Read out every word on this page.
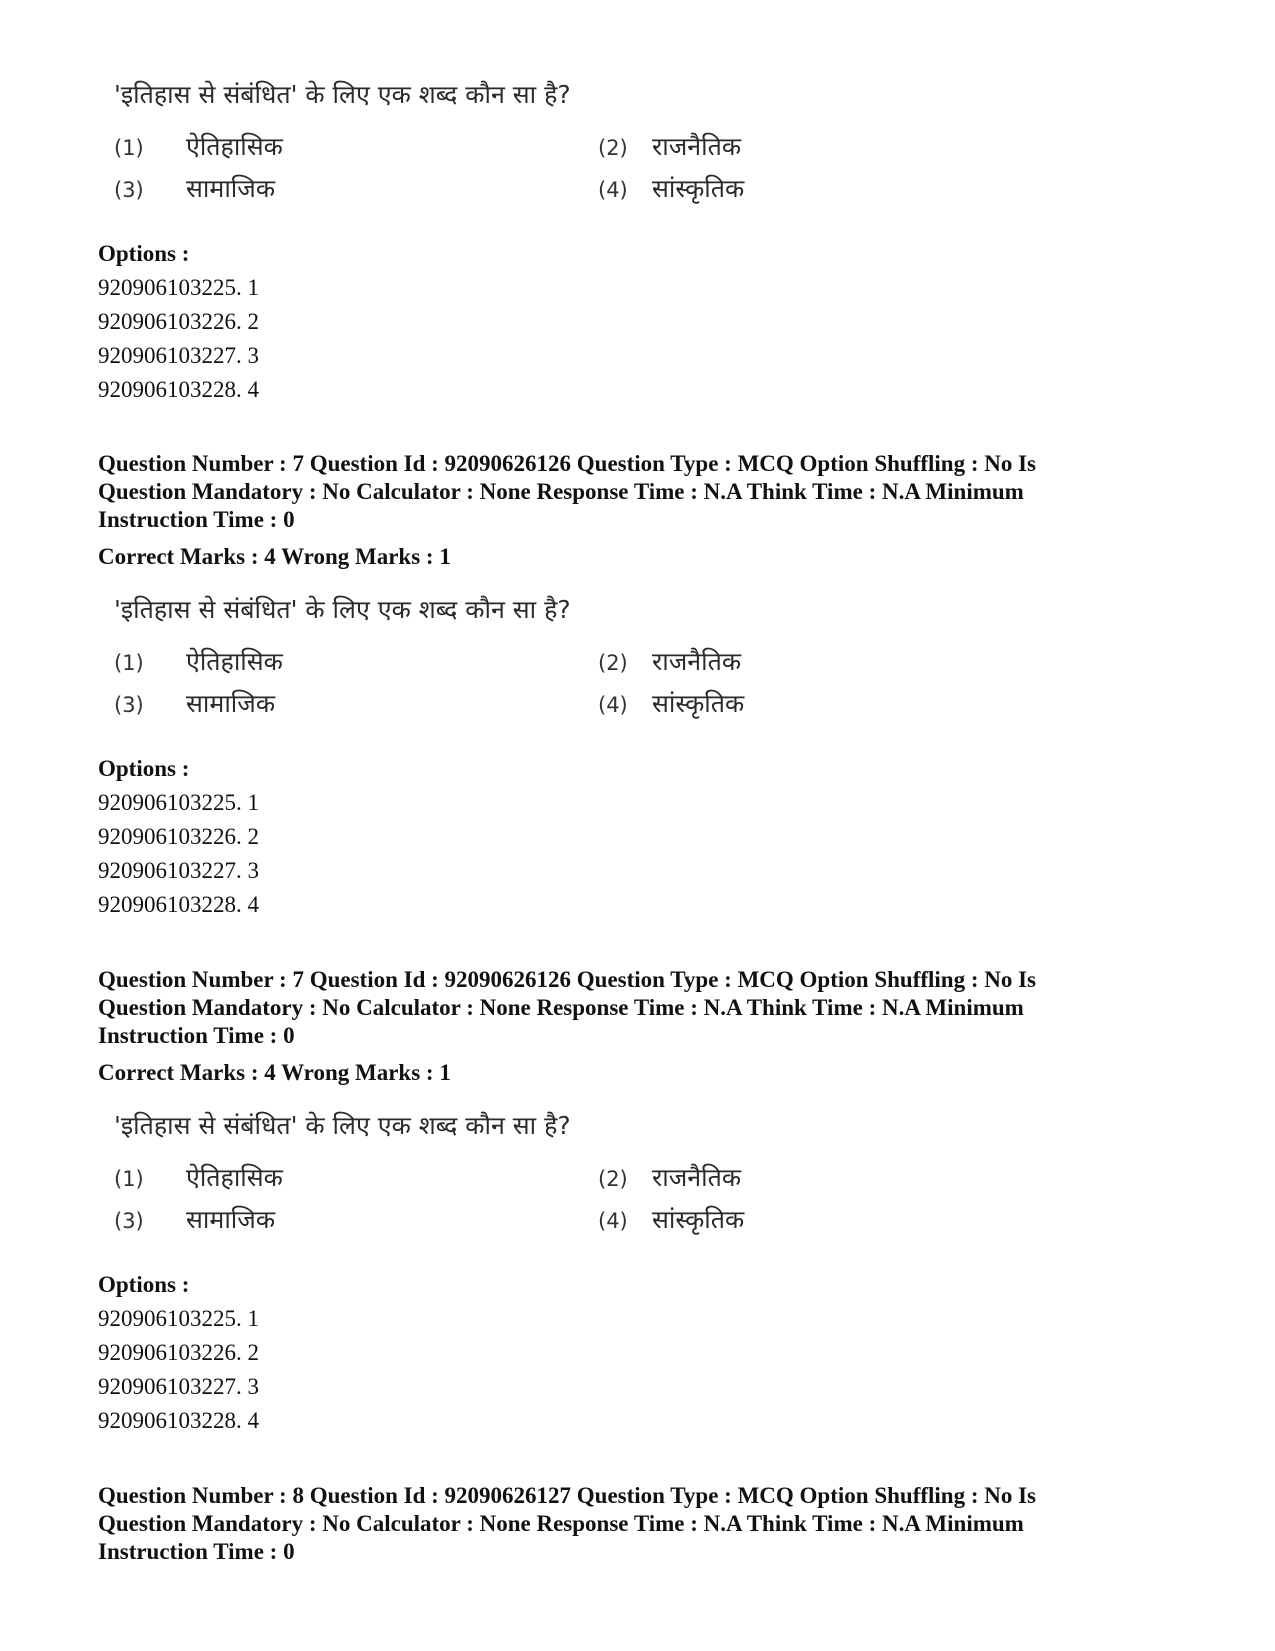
'इतिहास से संबंधित' के लिए एक शब्द कौन सा है?
(1) ऐतिहासिक	(2) राजनैतिक
(3) सामाजिक	(4) सांस्कृतिक
Options :
920906103225. 1
920906103226. 2
920906103227. 3
920906103228. 4
Question Number : 7 Question Id : 92090626126 Question Type : MCQ Option Shuffling : No Is
Question Mandatory : No Calculator : None Response Time : N.A Think Time : N.A Minimum
Instruction Time : 0
Correct Marks : 4 Wrong Marks : 1
'इतिहास से संबंधित' के लिए एक शब्द कौन सा है?
(1) ऐतिहासिक	(2) राजनैतिक
(3) सामाजिक	(4) सांस्कृतिक
Options :
920906103225. 1
920906103226. 2
920906103227. 3
920906103228. 4
Question Number : 7 Question Id : 92090626126 Question Type : MCQ Option Shuffling : No Is
Question Mandatory : No Calculator : None Response Time : N.A Think Time : N.A Minimum
Instruction Time : 0
Correct Marks : 4 Wrong Marks : 1
'इतिहास से संबंधित' के लिए एक शब्द कौन सा है?
(1) ऐतिहासिक	(2) राजनैतिक
(3) सामाजिक	(4) सांस्कृतिक
Options :
920906103225. 1
920906103226. 2
920906103227. 3
920906103228. 4
Question Number : 8 Question Id : 92090626127 Question Type : MCQ Option Shuffling : No Is
Question Mandatory : No Calculator : None Response Time : N.A Think Time : N.A Minimum
Instruction Time : 0
